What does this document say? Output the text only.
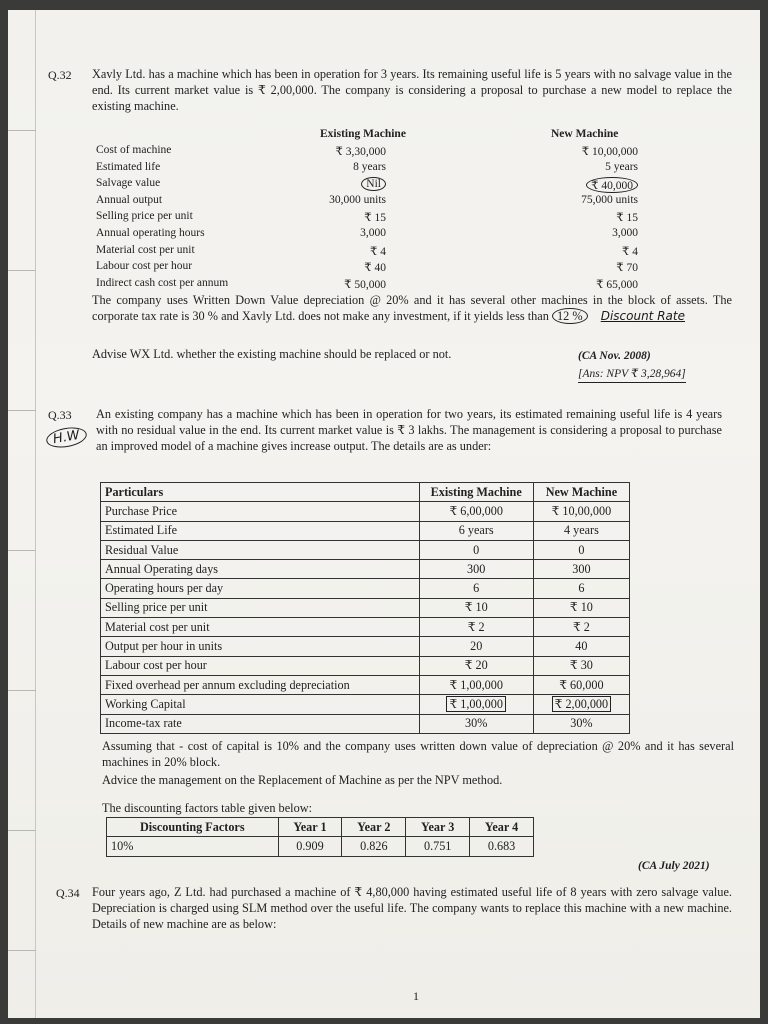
Q.32 Xavly Ltd. has a machine which has been in operation for 3 years. Its remaining useful life is 5 years with no salvage value in the end. Its current market value is ₹ 2,00,000. The company is considering a proposal to purchase a new model to replace the existing machine.
Existing Machine	New Machine
Cost of machine	₹ 3,30,000	₹ 10,00,000
Estimated life	8 years	5 years
Salvage value	Nil	₹ 40,000
Annual output	30,000 units	75,000 units
Selling price per unit	₹ 15	₹ 15
Annual operating hours	3,000	3,000
Material cost per unit	₹ 4	₹ 4
Labour cost per hour	₹ 40	₹ 70
Indirect cash cost per annum	₹ 50,000	₹ 65,000
The company uses Written Down Value depreciation @ 20% and it has several other machines in the block of assets. The corporate tax rate is 30 % and Xavly Ltd. does not make any investment, if it yields less than 12 % Discount Rate
Advise WX Ltd. whether the existing machine should be replaced or not.	(CA Nov. 2008)
[Ans: NPV ₹ 3,28,964]
Q.33
H.W
An existing company has a machine which has been in operation for two years, its estimated remaining useful life is 4 years with no residual value in the end. Its current market value is ₹ 3 lakhs. The management is considering a proposal to purchase an improved model of a machine gives increase output. The details are as under:
Particulars	Existing Machine	New Machine
Purchase Price	₹ 6,00,000	₹ 10,00,000
Estimated Life	6 years	4 years
Residual Value	0	0
Annual Operating days	300	300
Operating hours per day	6	6
Selling price per unit	₹ 10	₹ 10
Material cost per unit	₹ 2	₹ 2
Output per hour in units	20	40
Labour cost per hour	₹ 20	₹ 30
Fixed overhead per annum excluding depreciation	₹ 1,00,000	₹ 60,000
Working Capital	₹ 1,00,000	₹ 2,00,000
Income-tax rate	30%	30%
Assuming that - cost of capital is 10% and the company uses written down value of depreciation @ 20% and it has several machines in 20% block.
Advice the management on the Replacement of Machine as per the NPV method.
The discounting factors table given below:
Discounting Factors	Year 1	Year 2	Year 3	Year 4
10%	0.909	0.826	0.751	0.683
(CA July 2021)
Q.34 Four years ago, Z Ltd. had purchased a machine of ₹ 4,80,000 having estimated useful life of 8 years with zero salvage value. Depreciation is charged using SLM method over the useful life. The company wants to replace this machine with a new machine. Details of new machine are as below:
1
